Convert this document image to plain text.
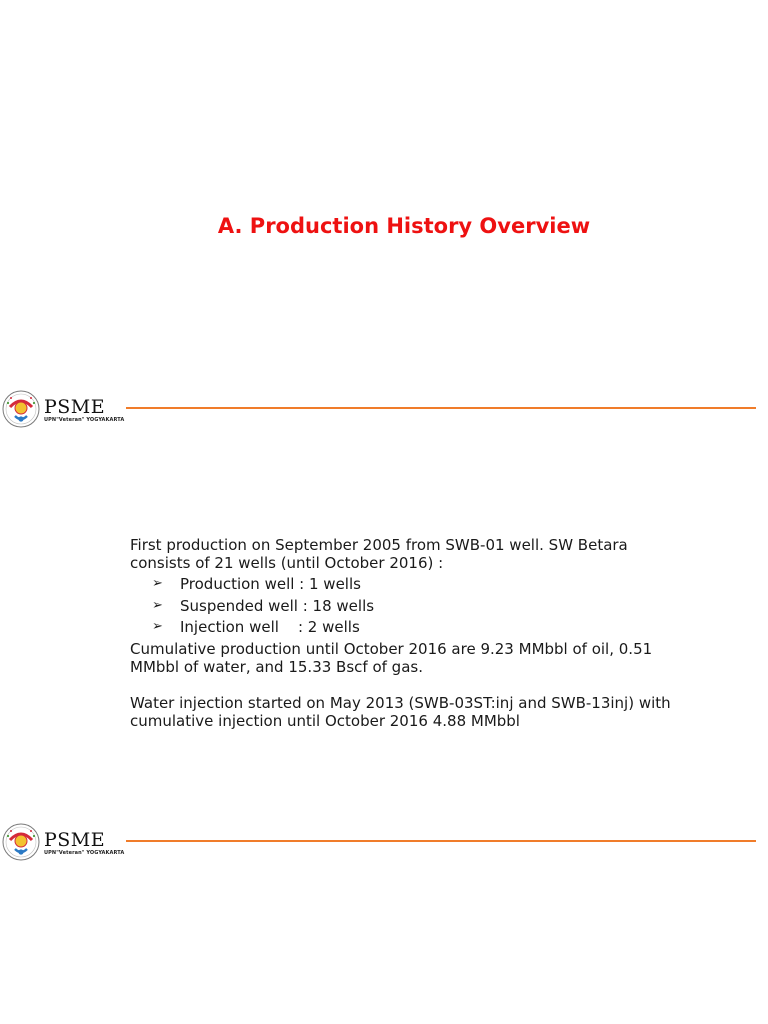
A. Production History Overview
PSME
UPN"Veteran" YOGYAKARTA

First production on September 2005 from SWB-01 well. SW Betara consists of 21 wells (until October 2016) :

➢ Production well : 1 wells
➢ Suspended well : 18 wells
➢ Injection well    : 2 wells

Cumulative production until October 2016 are 9.23 MMbbl of oil, 0.51 MMbbl of water, and 15.33 Bscf of gas.

Water injection started on May 2013 (SWB-03ST:inj and SWB-13inj) with cumulative injection until October 2016 4.88 MMbbl

PSME
UPN"Veteran" YOGYAKARTA
